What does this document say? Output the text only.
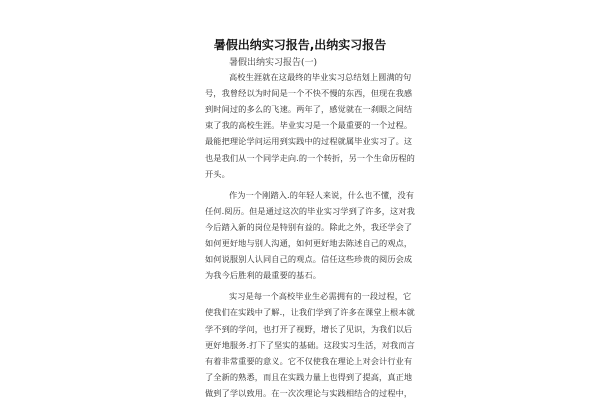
暑假出纳实习报告,出纳实习报告
暑假出纳实习报告(一)
高校生涯就在这最终的毕业实习总结划上圆满的句
号，我曾经以为时间是一个不快不慢的东西，但现在我感
到时间过的多么的飞速。两年了，感觉就在一刹眼之间结
束了我的高校生涯。毕业实习是一个最重要的一个过程。
最能把理论学问运用到实践中的过程就属毕业实习了。这
也是我们从一个同学走向.的一个转折，另一个生命历程的
开头。
作为一个刚踏入.的年轻人来说，什么也不懂，没有
任何.阅历。但是通过这次的毕业实习学到了许多，这对我
今后踏入新的岗位是特别有益的。除此之外，我还学会了
如何更好地与别人沟通，如何更好地去陈述自己的观点，
如何说服别人认同自己的观点。信任这些珍贵的阅历会成
为我今后胜利的最重要的基石。
实习是每一个高校毕业生必需拥有的一段过程，它
使我们在实践中了解.，让我们学到了许多在课堂上根本就
学不到的学问，也打开了视野，增长了见识，为我们以后
更好地服务.打下了坚实的基础。这段实习生活，对我而言
有着非常重要的意义。它不仅使我在理论上对会计行业有
了全新的熟悉，而且在实践力量上也得到了提高，真正地
做到了学以致用。在一次次理论与实践相结合的过程中，
